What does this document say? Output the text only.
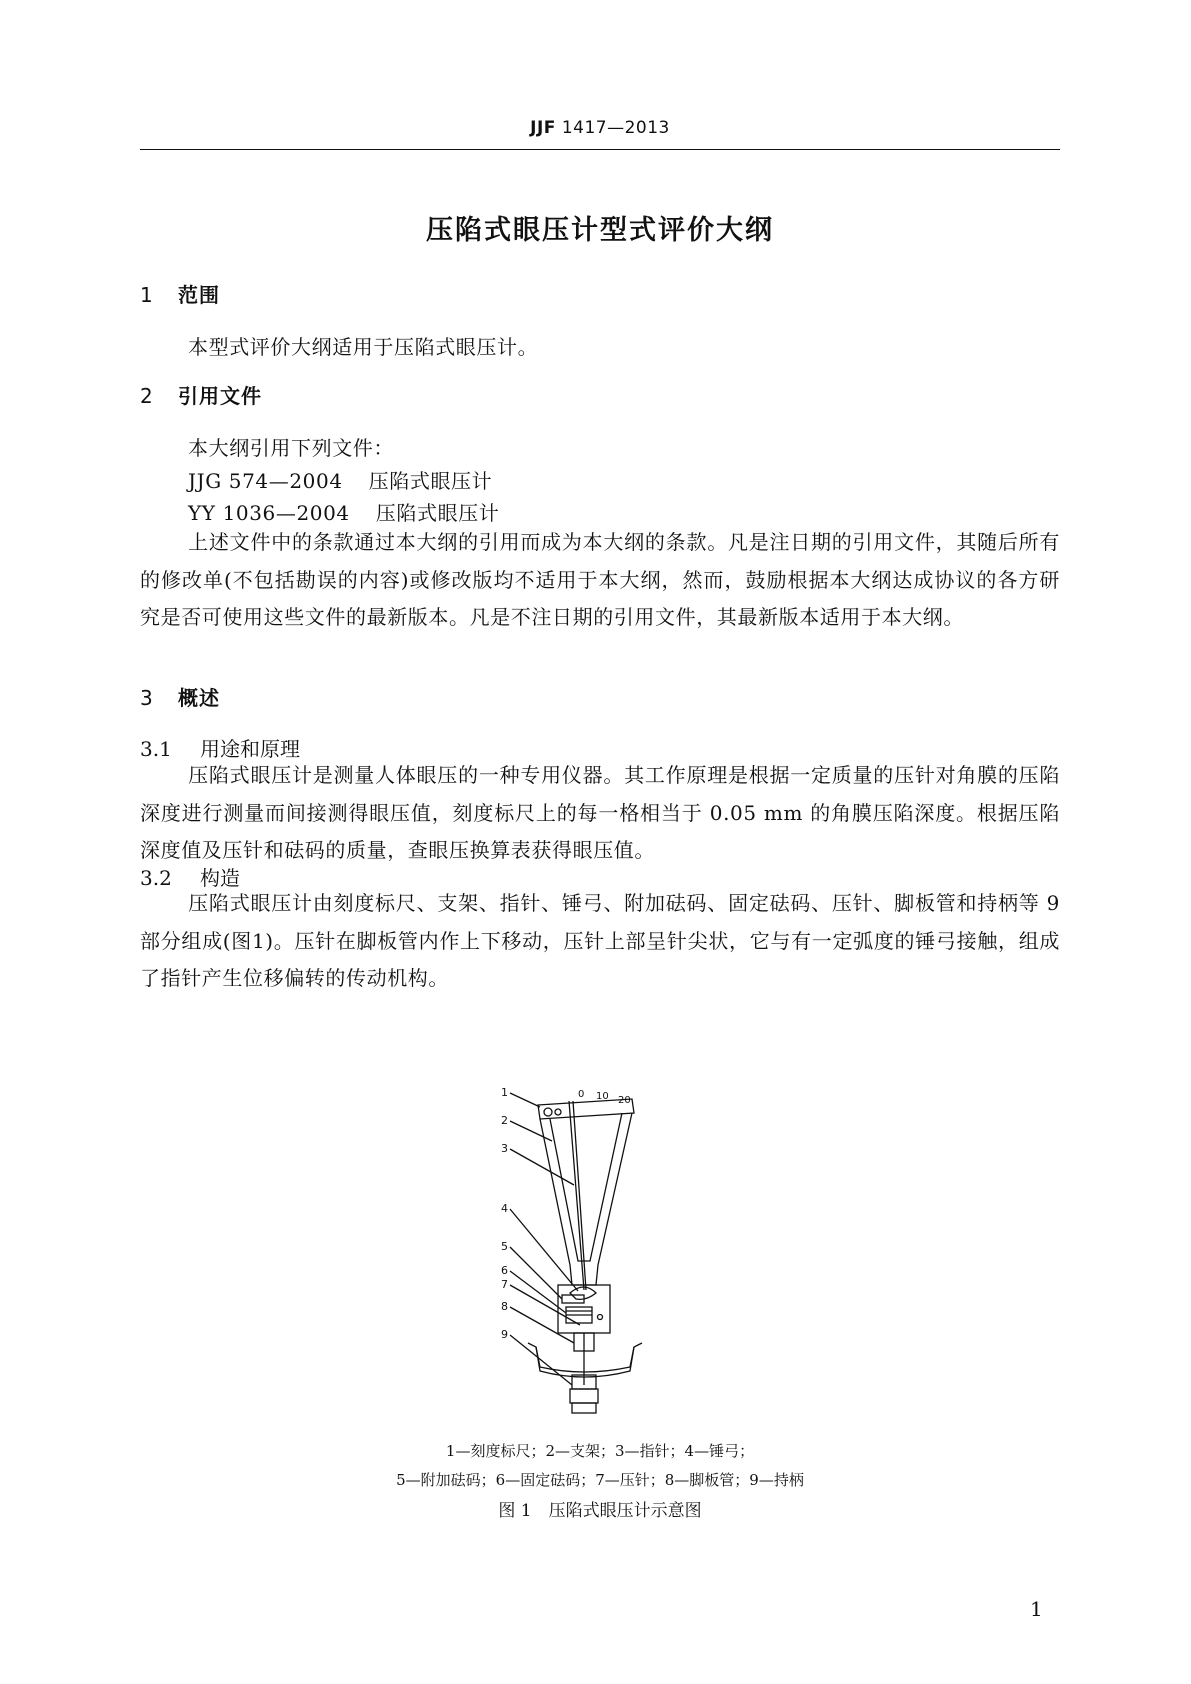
JJF 1417—2013
压陷式眼压计型式评价大纲
1 范围
本型式评价大纲适用于压陷式眼压计。
2 引用文件
本大纲引用下列文件：
JJG 574—2004 压陷式眼压计
YY 1036—2004 压陷式眼压计
上述文件中的条款通过本大纲的引用而成为本大纲的条款。凡是注日期的引用文件，其随后所有的修改单(不包括勘误的内容)或修改版均不适用于本大纲，然而，鼓励根据本大纲达成协议的各方研究是否可使用这些文件的最新版本。凡是不注日期的引用文件，其最新版本适用于本大纲。
3 概述
3.1 用途和原理
压陷式眼压计是测量人体眼压的一种专用仪器。其工作原理是根据一定质量的压针对角膜的压陷深度进行测量而间接测得眼压值，刻度标尺上的每一格相当于 0.05 mm 的角膜压陷深度。根据压陷深度值及压针和砝码的质量，查眼压换算表获得眼压值。
3.2 构造
压陷式眼压计由刻度标尺、支架、指针、锤弓、附加砝码、固定砝码、压针、脚板管和持柄等 9 部分组成(图1)。压针在脚板管内作上下移动，压针上部呈针尖状，它与有一定弧度的锤弓接触，组成了指针产生位移偏转的传动机构。
0 10 20
1
2
3
4
5
6
7
8
9
1—刻度标尺；2—支架；3—指针；4—锤弓；
5—附加砝码；6—固定砝码；7—压针；8—脚板管；9—持柄
图 1　压陷式眼压计示意图
1
